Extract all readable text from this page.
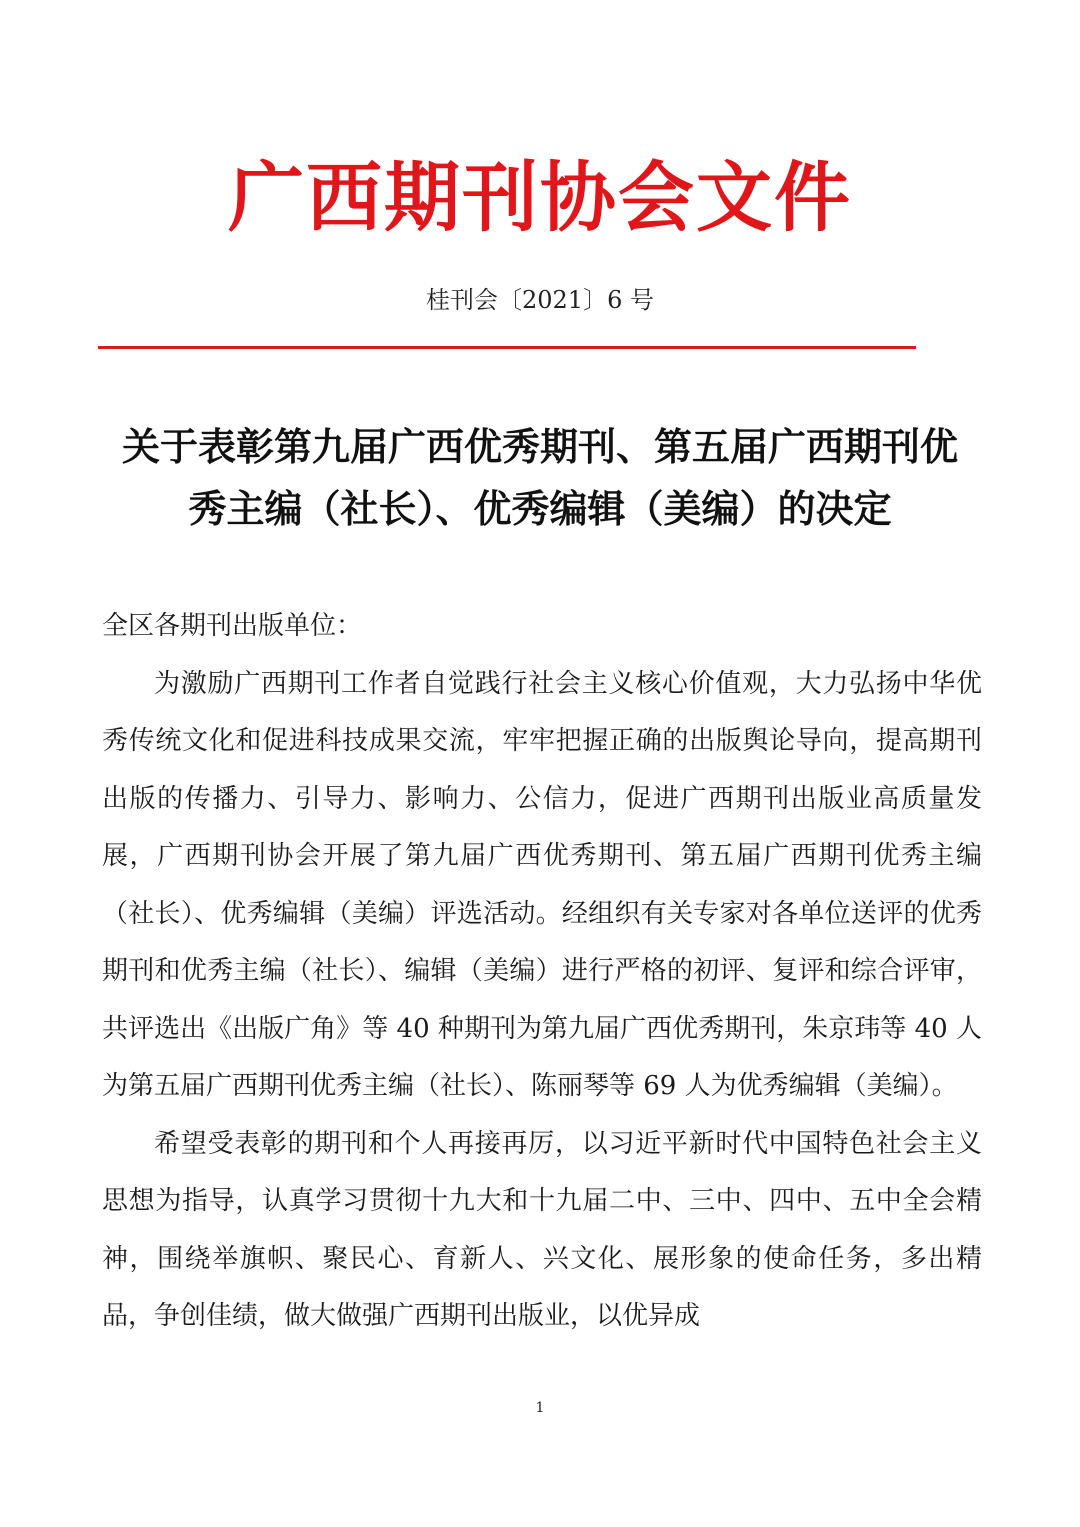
广西期刊协会文件
桂刊会〔2021〕6 号
关于表彰第九届广西优秀期刊、第五届广西期刊优
秀主编（社长）、优秀编辑（美编）的决定

全区各期刊出版单位：

为激励广西期刊工作者自觉践行社会主义核心价值观，大力弘扬中华优秀传统文化和促进科技成果交流，牢牢把握正确的出版舆论导向，提高期刊出版的传播力、引导力、影响力、公信力，促进广西期刊出版业高质量发展，广西期刊协会开展了第九届广西优秀期刊、第五届广西期刊优秀主编（社长）、优秀编辑（美编）评选活动。经组织有关专家对各单位送评的优秀期刊和优秀主编（社长）、编辑（美编）进行严格的初评、复评和综合评审，共评选出《出版广角》等 40 种期刊为第九届广西优秀期刊，朱京玮等 40 人为第五届广西期刊优秀主编（社长）、陈丽琴等 69 人为优秀编辑（美编）。

希望受表彰的期刊和个人再接再厉，以习近平新时代中国特色社会主义思想为指导，认真学习贯彻十九大和十九届二中、三中、四中、五中全会精神，围绕举旗帜、聚民心、育新人、兴文化、展形象的使命任务，多出精品，争创佳绩，做大做强广西期刊出版业，以优异成

1
